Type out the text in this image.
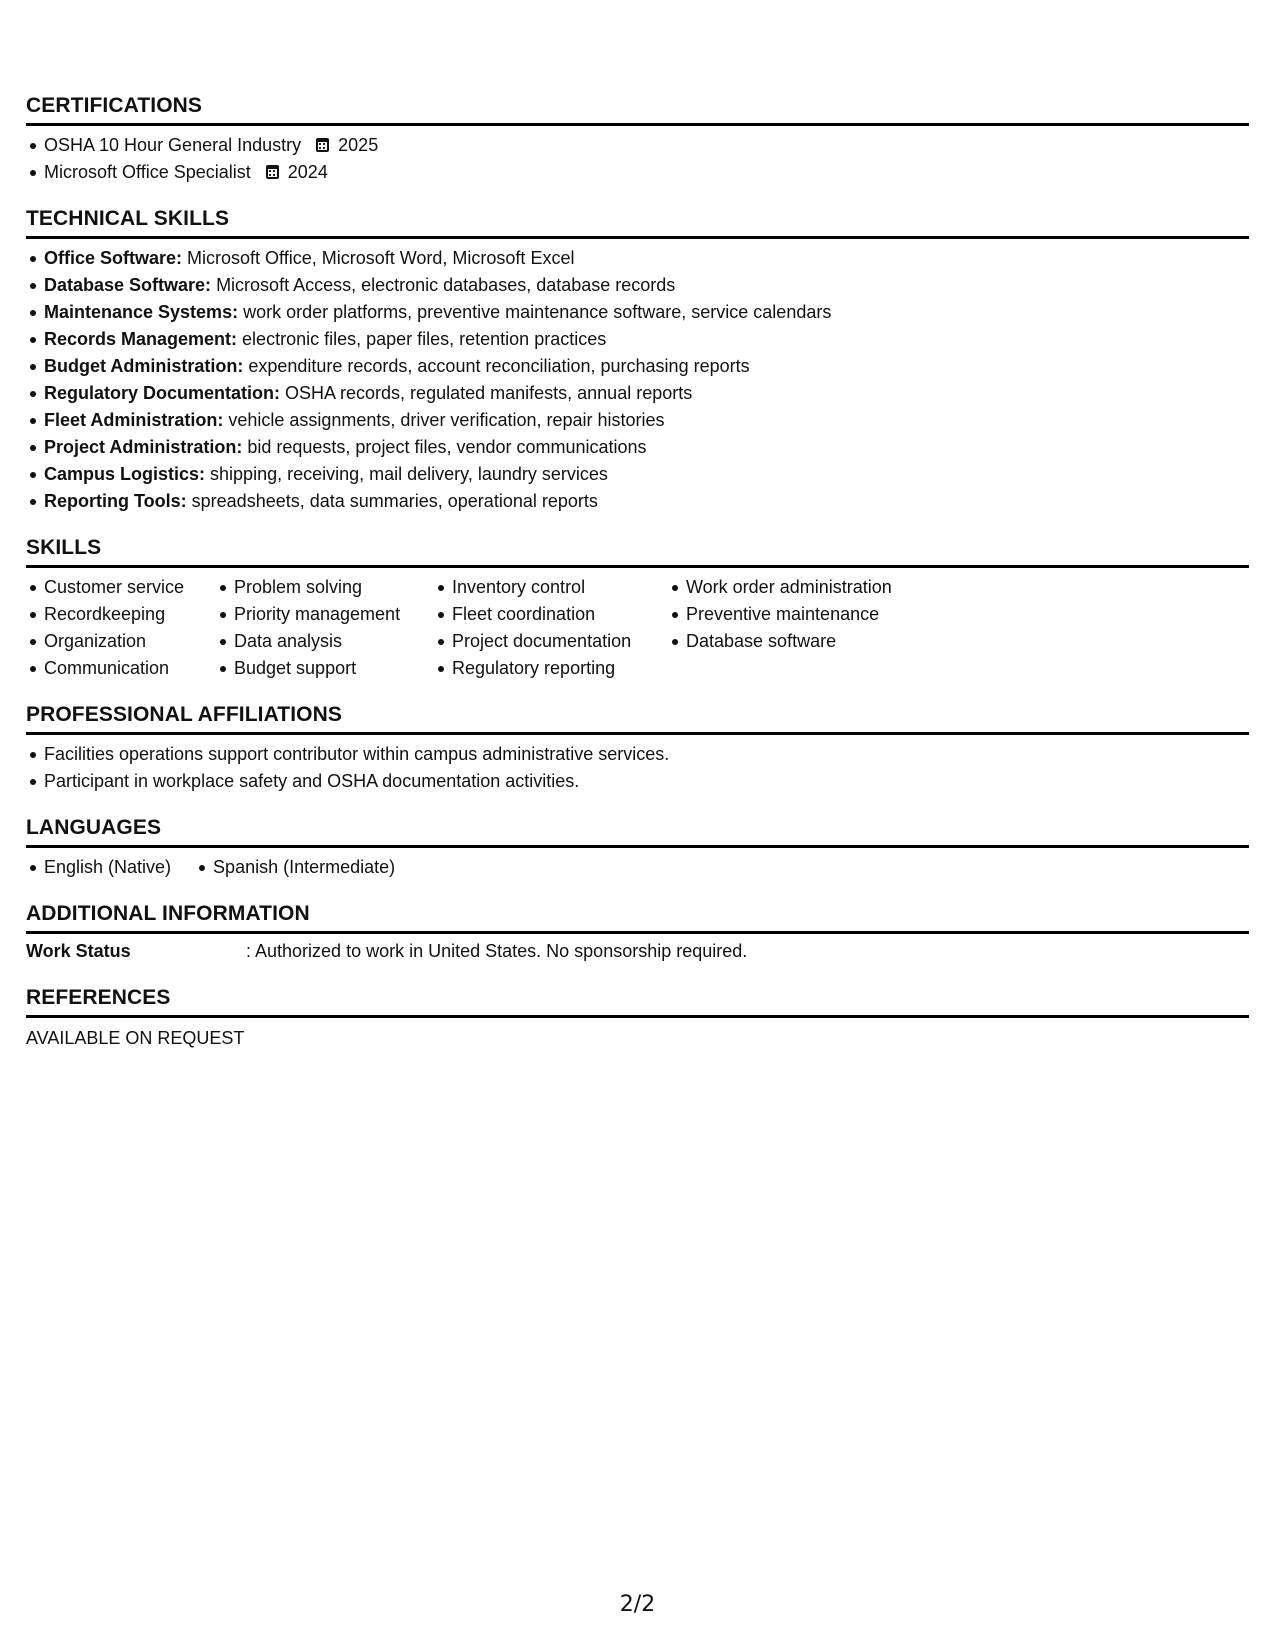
CERTIFICATIONS
OSHA 10 Hour General Industry 2025
Microsoft Office Specialist 2024
TECHNICAL SKILLS
Office Software: Microsoft Office, Microsoft Word, Microsoft Excel
Database Software: Microsoft Access, electronic databases, database records
Maintenance Systems: work order platforms, preventive maintenance software, service calendars
Records Management: electronic files, paper files, retention practices
Budget Administration: expenditure records, account reconciliation, purchasing reports
Regulatory Documentation: OSHA records, regulated manifests, annual reports
Fleet Administration: vehicle assignments, driver verification, repair histories
Project Administration: bid requests, project files, vendor communications
Campus Logistics: shipping, receiving, mail delivery, laundry services
Reporting Tools: spreadsheets, data summaries, operational reports
SKILLS
Customer service
Recordkeeping
Organization
Communication
Problem solving
Priority management
Data analysis
Budget support
Inventory control
Fleet coordination
Project documentation
Regulatory reporting
Work order administration
Preventive maintenance
Database software
PROFESSIONAL AFFILIATIONS
Facilities operations support contributor within campus administrative services.
Participant in workplace safety and OSHA documentation activities.
LANGUAGES
English (Native)	Spanish (Intermediate)
ADDITIONAL INFORMATION
Work Status	: Authorized to work in United States. No sponsorship required.
REFERENCES
AVAILABLE ON REQUEST
2/2
